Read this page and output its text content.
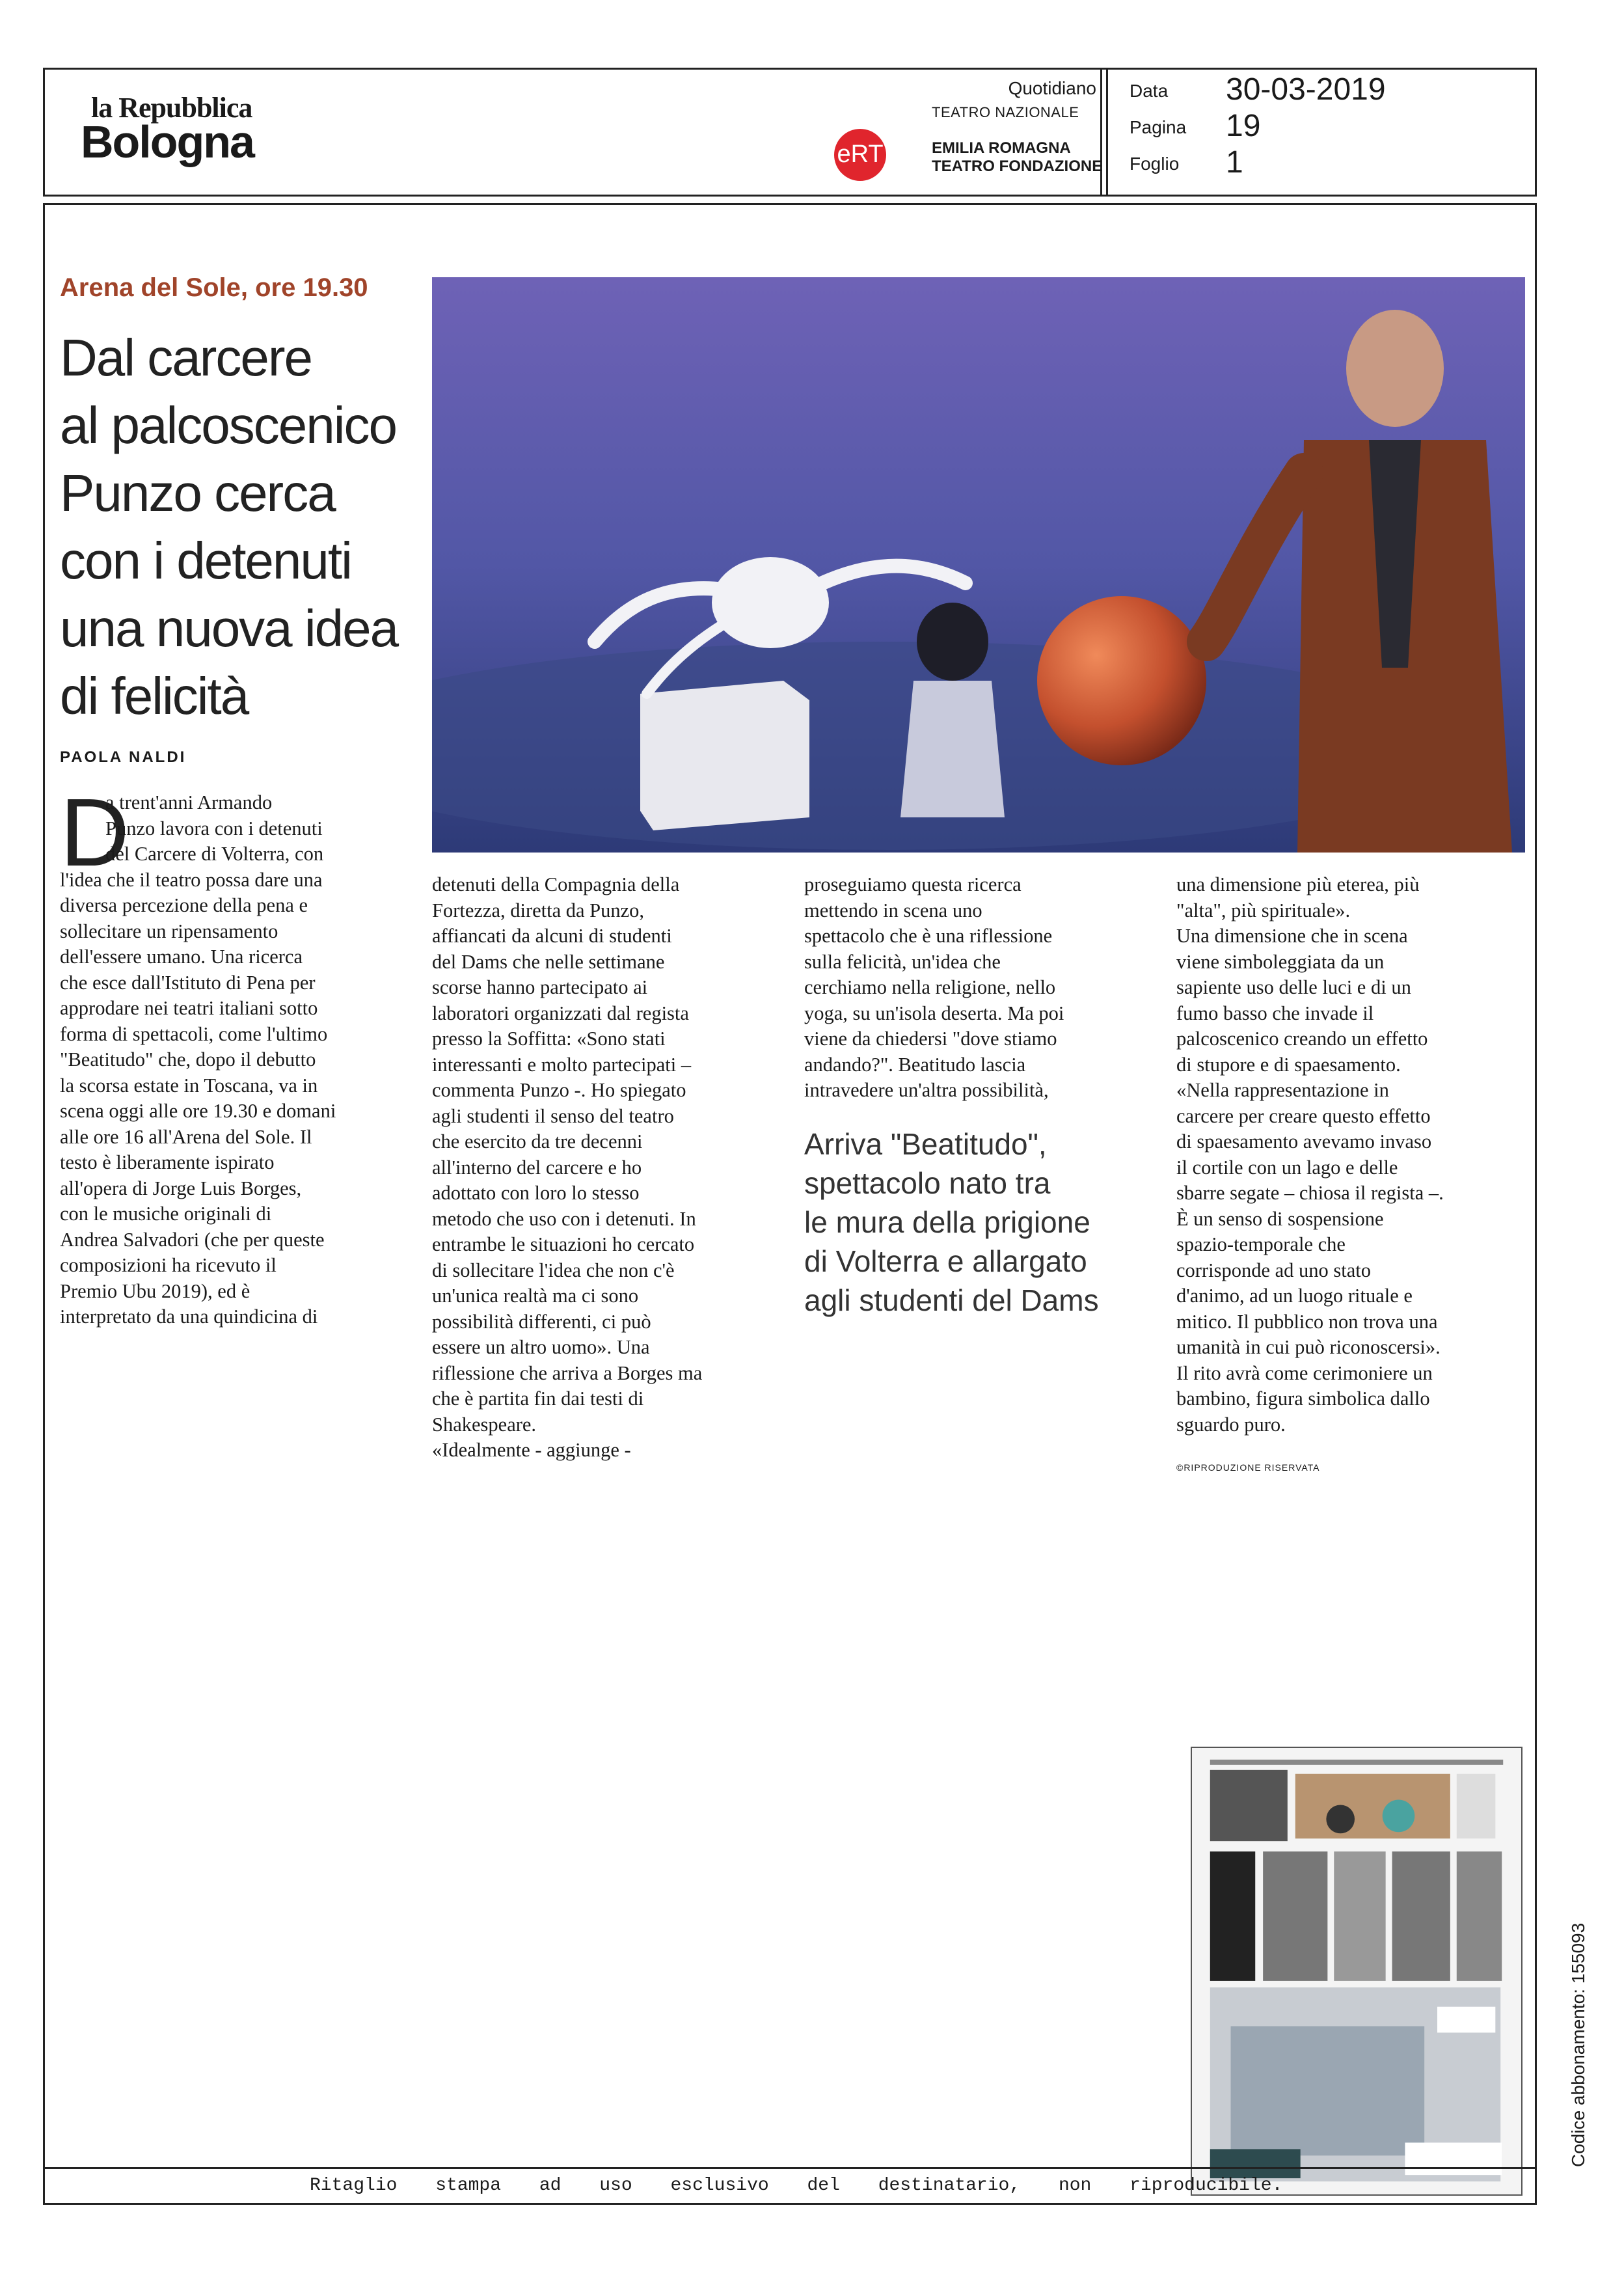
la Repubblica
Bologna
Quotidiano
TEATRO NAZIONALE
eRT	EMILIA ROMAGNA
TEATRO FONDAZIONE
Data 30-03-2019
Pagina 19
Foglio 1
Arena del Sole, ore 19.30
Dal carcere
al palcoscenico
Punzo cerca
con i detenuti
una nuova idea
di felicità
PAOLA NALDI
D
a trent'anni Armando
Punzo lavora con i detenuti
del Carcere di Volterra, con
l'idea che il teatro possa dare una
diversa percezione della pena e
sollecitare un ripensamento
dell'essere umano. Una ricerca
che esce dall'Istituto di Pena per
approdare nei teatri italiani sotto
forma di spettacoli, come l'ultimo
"Beatitudo" che, dopo il debutto
la scorsa estate in Toscana, va in
scena oggi alle ore 19.30 e domani
alle ore 16 all'Arena del Sole. Il
testo è liberamente ispirato
all'opera di Jorge Luis Borges,
con le musiche originali di
Andrea Salvadori (che per queste
composizioni ha ricevuto il
Premio Ubu 2019), ed è
interpretato da una quindicina di
detenuti della Compagnia della
Fortezza, diretta da Punzo,
affiancati da alcuni di studenti
del Dams che nelle settimane
scorse hanno partecipato ai
laboratori organizzati dal regista
presso la Soffitta: «Sono stati
interessanti e molto partecipati –
commenta Punzo -. Ho spiegato
agli studenti il senso del teatro
che esercito da tre decenni
all'interno del carcere e ho
adottato con loro lo stesso
metodo che uso con i detenuti. In
entrambe le situazioni ho cercato
di sollecitare l'idea che non c'è
un'unica realtà ma ci sono
possibilità differenti, ci può
essere un altro uomo». Una
riflessione che arriva a Borges ma
che è partita fin dai testi di
Shakespeare.
«Idealmente - aggiunge -
proseguiamo questa ricerca
mettendo in scena uno
spettacolo che è una riflessione
sulla felicità, un'idea che
cerchiamo nella religione, nello
yoga, su un'isola deserta. Ma poi
viene da chiedersi "dove stiamo
andando?". Beatitudo lascia
intravedere un'altra possibilità,
Arriva "Beatitudo",
spettacolo nato tra
le mura della prigione
di Volterra e allargato
agli studenti del Dams
una dimensione più eterea, più
"alta", più spirituale».
Una dimensione che in scena
viene simboleggiata da un
sapiente uso delle luci e di un
fumo basso che invade il
palcoscenico creando un effetto
di stupore e di spaesamento.
«Nella rappresentazione in
carcere per creare questo effetto
di spaesamento avevamo invaso
il cortile con un lago e delle
sbarre segate – chiosa il regista –.
È un senso di sospensione
spazio-temporale che
corrisponde ad uno stato
d'animo, ad un luogo rituale e
mitico. Il pubblico non trova una
umanità in cui può riconoscersi».
Il rito avrà come cerimoniere un
bambino, figura simbolica dallo
sguardo puro.
©RIPRODUZIONE RISERVATA
Codice abbonamento: 155093
Ritaglio stampa ad uso esclusivo del destinatario, non riproducibile.
